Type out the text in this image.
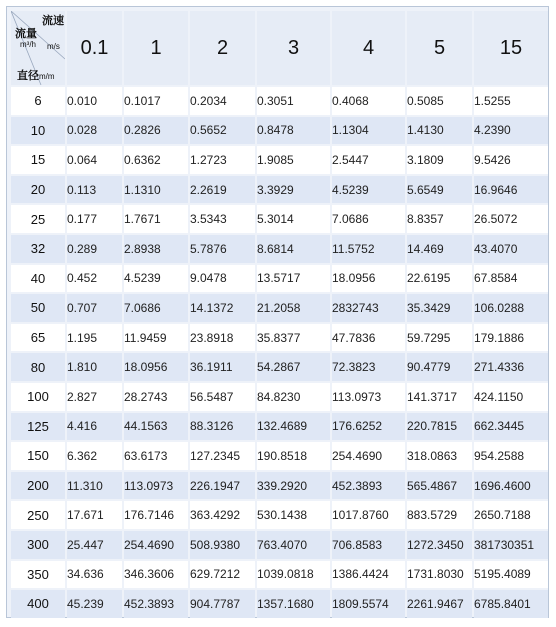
流量
m³/h
流速
m/s
直径m/m	0.1	1	2	3	4	5	15
6	0.010	0.1017	0.2034	0.3051	0.4068	0.5085	1.5255
10	0.028	0.2826	0.5652	0.8478	1.1304	1.4130	4.2390
15	0.064	0.6362	1.2723	1.9085	2.5447	3.1809	9.5426
20	0.113	1.1310	2.2619	3.3929	4.5239	5.6549	16.9646
25	0.177	1.7671	3.5343	5.3014	7.0686	8.8357	26.5072
32	0.289	2.8938	5.7876	8.6814	11.5752	14.469	43.4070
40	0.452	4.5239	9.0478	13.5717	18.0956	22.6195	67.8584
50	0.707	7.0686	14.1372	21.2058	2832743	35.3429	106.0288
65	1.195	11.9459	23.8918	35.8377	47.7836	59.7295	179.1886
80	1.810	18.0956	36.1911	54.2867	72.3823	90.4779	271.4336
100	2.827	28.2743	56.5487	84.8230	113.0973	141.3717	424.1150
125	4.416	44.1563	88.3126	132.4689	176.6252	220.7815	662.3445
150	6.362	63.6173	127.2345	190.8518	254.4690	318.0863	954.2588
200	11.310	113.0973	226.1947	339.2920	452.3893	565.4867	1696.4600
250	17.671	176.7146	363.4292	530.1438	1017.8760	883.5729	2650.7188
300	25.447	254.4690	508.9380	763.4070	706.8583	1272.3450	381730351
350	34.636	346.3606	629.7212	1039.0818	1386.4424	1731.8030	5195.4089
400	45.239	452.3893	904.7787	1357.1680	1809.5574	2261.9467	6785.8401
